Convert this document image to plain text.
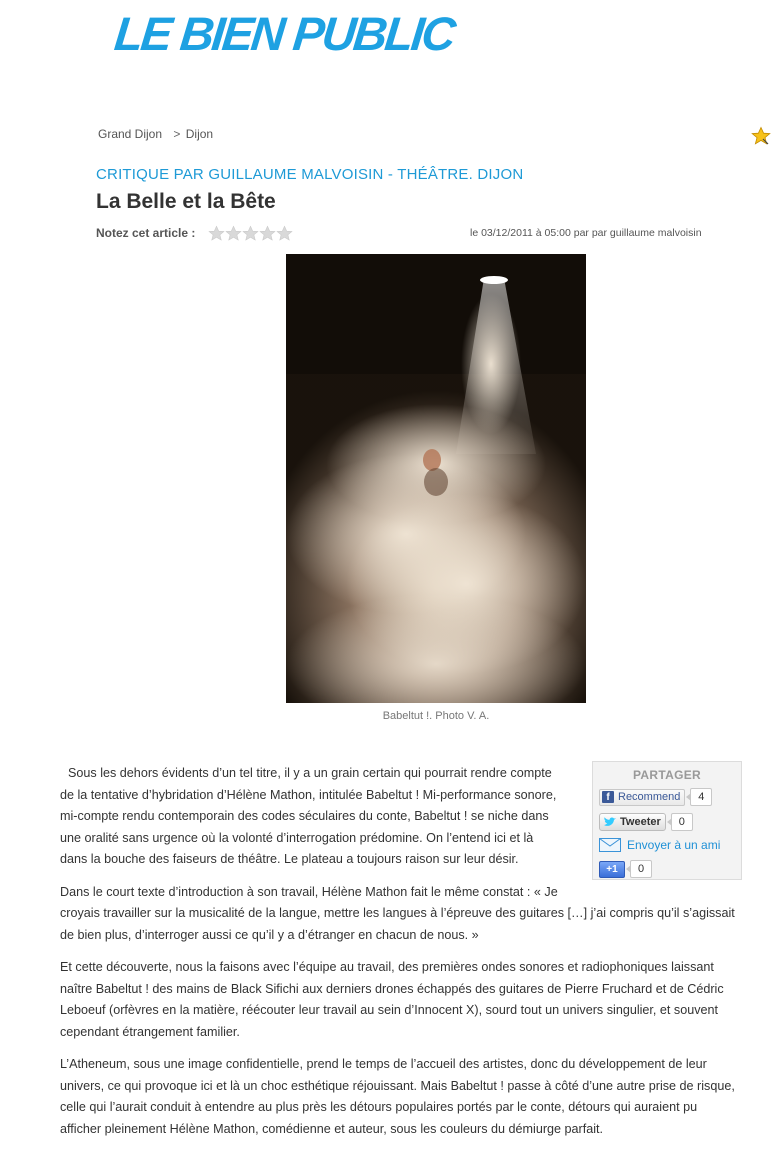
LE BIEN PUBLIC
Grand Dijon > Dijon
CRITIQUE PAR GUILLAUME MALVOISIN - THÉÂTRE. DIJON
La Belle et la Bête
Notez cet article :	le 03/12/2011 à 05:00 par par guillaume malvoisin
Babeltut !. Photo V. A.
PARTAGER
f Recommend	4
Tweeter	0
Envoyer à un ami
+1	0

Sous les dehors évidents d’un tel titre, il y a un grain certain qui pourrait rendre compte de la tentative d’hybridation d’Hélène Mathon, intitulée Babeltut ! Mi-performance sonore, mi-compte rendu contemporain des codes séculaires du conte, Babeltut ! se niche dans une oralité sans urgence où la volonté d’interrogation prédomine. On l’entend ici et là dans la bouche des faiseurs de théâtre. Le plateau a toujours raison sur leur désir.

Dans le court texte d’introduction à son travail, Hélène Mathon fait le même constat : « Je croyais travailler sur la musicalité de la langue, mettre les langues à l’épreuve des guitares […] j’ai compris qu’il s’agissait de bien plus, d’interroger aussi ce qu’il y a d’étranger en chacun de nous. »

Et cette découverte, nous la faisons avec l’équipe au travail, des premières ondes sonores et radiophoniques laissant naître Babeltut ! des mains de Black Sifichi aux derniers drones échappés des guitares de Pierre Fruchard et de Cédric Leboeuf (orfèvres en la matière, réécouter leur travail au sein d’Innocent X), sourd tout un univers singulier, et souvent cependant étrangement familier.

L’Atheneum, sous une image confidentielle, prend le temps de l’accueil des artistes, donc du développement de leur univers, ce qui provoque ici et là un choc esthétique réjouissant. Mais Babeltut ! passe à côté d’une autre prise de risque, celle qui l’aurait conduit à entendre au plus près les détours populaires portés par le conte, détours qui auraient pu afficher pleinement Hélène Mathon, comédienne et auteur, sous les couleurs du démiurge parfait.
